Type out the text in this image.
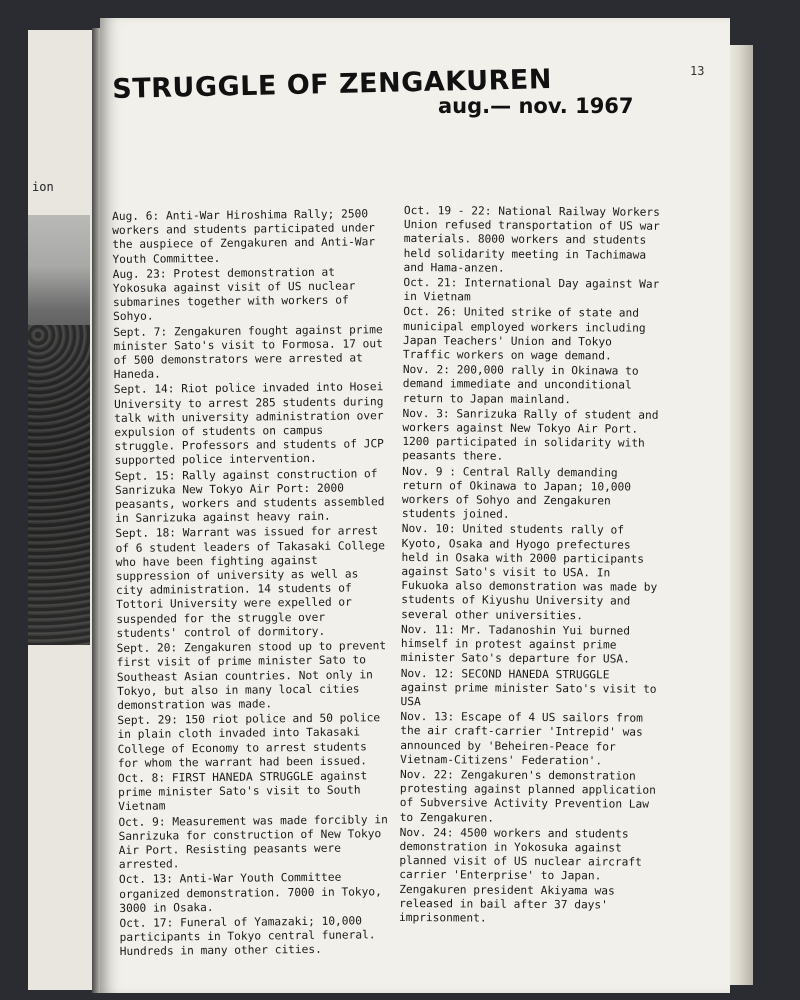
ion
13
STRUGGLE OF ZENGAKUREN
aug.— nov. 1967
Aug. 6: Anti-War Hiroshima Rally; 2500 workers and students participated under the auspiece of Zengakuren and Anti-War Youth Committee.
Aug. 23: Protest demonstration at Yokosuka against visit of US nuclear submarines together with workers of Sohyo.
Sept. 7: Zengakuren fought against prime minister Sato's visit to Formosa. 17 out of 500 demonstrators were arrested at Haneda.
Sept. 14: Riot police invaded into Hosei University to arrest 285 students during talk with university administration over expulsion of students on campus struggle. Professors and students of JCP supported police intervention.
Sept. 15: Rally against construction of Sanrizuka New Tokyo Air Port: 2000 peasants, workers and students assembled in Sanrizuka against heavy rain.
Sept. 18: Warrant was issued for arrest of 6 student leaders of Takasaki College who have been fighting against suppression of university as well as city administration. 14 students of Tottori University were expelled or suspended for the struggle over students' control of dormitory.
Sept. 20: Zengakuren stood up to prevent first visit of prime minister Sato to Southeast Asian countries. Not only in Tokyo, but also in many local cities demonstration was made.
Sept. 29: 150 riot police and 50 police in plain cloth invaded into Takasaki College of Economy to arrest students for whom the warrant had been issued.
Oct. 8: FIRST HANEDA STRUGGLE against prime minister Sato's visit to South Vietnam
Oct. 9: Measurement was made forcibly in Sanrizuka for construction of New Tokyo Air Port. Resisting peasants were arrested.
Oct. 13: Anti-War Youth Committee organized demonstration. 7000 in Tokyo, 3000 in Osaka.
Oct. 17: Funeral of Yamazaki; 10,000 participants in Tokyo central funeral. Hundreds in many other cities.
Oct. 19 - 22: National Railway Workers Union refused transportation of US war materials. 8000 workers and students held solidarity meeting in Tachimawa and Hama-anzen.
Oct. 21: International Day against War in Vietnam
Oct. 26: United strike of state and municipal employed workers including Japan Teachers' Union and Tokyo Traffic workers on wage demand.
Nov. 2: 200,000 rally in Okinawa to demand immediate and unconditional return to Japan mainland.
Nov. 3: Sanrizuka Rally of student and workers against New Tokyo Air Port. 1200 participated in solidarity with peasants there.
Nov. 9 : Central Rally demanding return of Okinawa to Japan; 10,000 workers of Sohyo and Zengakuren students joined.
Nov. 10: United students rally of Kyoto, Osaka and Hyogo prefectures held in Osaka with 2000 participants against Sato's visit to USA. In Fukuoka also demonstration was made by students of Kiyushu University and several other universities.
Nov. 11: Mr. Tadanoshin Yui burned himself in protest against prime minister Sato's departure for USA.
Nov. 12: SECOND HANEDA STRUGGLE against prime minister Sato's visit to USA
Nov. 13: Escape of 4 US sailors from the air craft-carrier 'Intrepid' was announced by 'Beheiren-Peace for Vietnam-Citizens' Federation'.
Nov. 22: Zengakuren's demonstration protesting against planned application of Subversive Activity Prevention Law to Zengakuren.
Nov. 24: 4500 workers and students demonstration in Yokosuka against planned visit of US nuclear aircraft carrier 'Enterprise' to Japan. Zengakuren president Akiyama was released in bail after 37 days' imprisonment.
